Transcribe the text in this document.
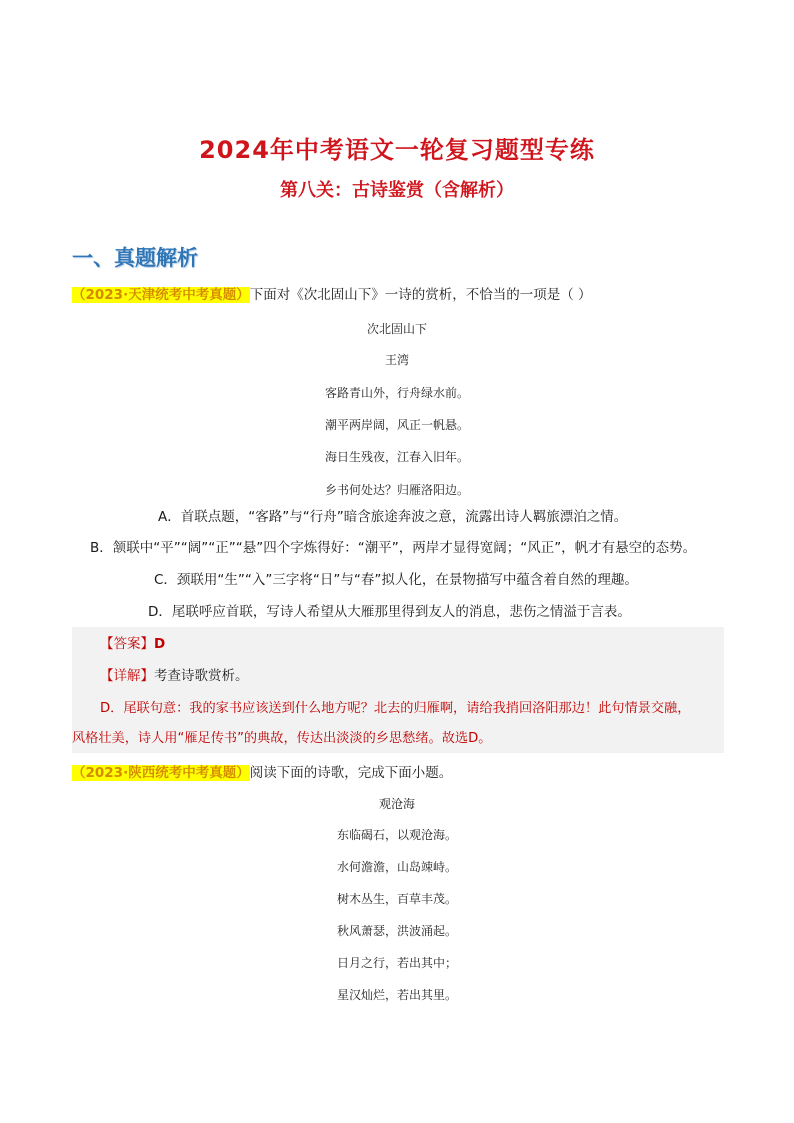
2024年中考语文一轮复习题型专练
第八关：古诗鉴赏（含解析）
一、真题解析
（2023·天津统考中考真题）下面对《次北固山下》一诗的赏析，不恰当的一项是（ ）
次北固山下
王湾
客路青山外，行舟绿水前。
潮平两岸阔，风正一帆悬。
海日生残夜，江春入旧年。
乡书何处达？归雁洛阳边。
A．首联点题，“客路”与“行舟”暗含旅途奔波之意，流露出诗人羁旅漂泊之情。
B．颔联中“平”“阔”“正”“悬”四个字炼得好：“潮平”，两岸才显得宽阔；“风正”，帆才有悬空的态势。
C．颈联用“生”“入”三字将“日”与“春”拟人化，在景物描写中蕴含着自然的理趣。
D．尾联呼应首联，写诗人希望从大雁那里得到友人的消息，悲伤之情溢于言表。
【答案】D
【详解】考查诗歌赏析。
D．尾联句意：我的家书应该送到什么地方呢？北去的归雁啊，请给我捎回洛阳那边！此句情景交融，
风格壮美，诗人用“雁足传书”的典故，传达出淡淡的乡思愁绪。故选D。
（2023·陕西统考中考真题）阅读下面的诗歌，完成下面小题。
观沧海
东临碣石，以观沧海。
水何澹澹，山岛竦峙。
树木丛生，百草丰茂。
秋风萧瑟，洪波涌起。
日月之行，若出其中；
星汉灿烂，若出其里。
